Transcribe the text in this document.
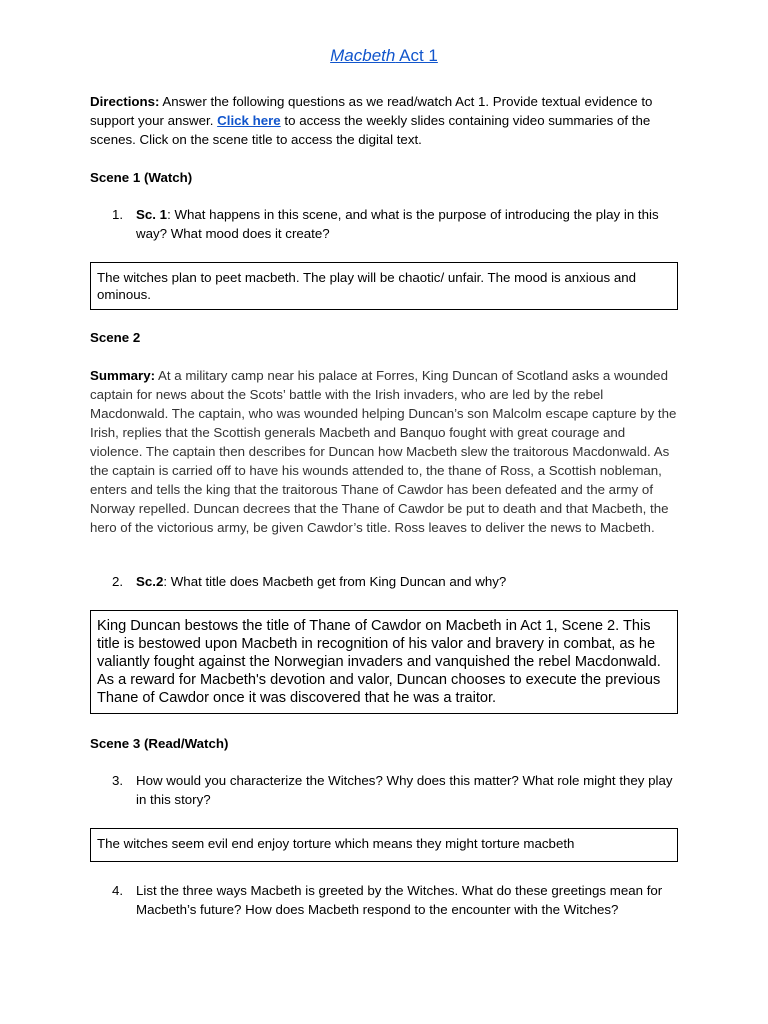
Macbeth Act 1
Directions: Answer the following questions as we read/watch Act 1. Provide textual evidence to support your answer. Click here to access the weekly slides containing video summaries of the scenes. Click on the scene title to access the digital text.
Scene 1 (Watch)
1. Sc. 1: What happens in this scene, and what is the purpose of introducing the play in this way? What mood does it create?
The witches plan to peet macbeth. The play will be chaotic/ unfair. The mood is anxious and ominous.
Scene 2
Summary: At a military camp near his palace at Forres, King Duncan of Scotland asks a wounded captain for news about the Scots’ battle with the Irish invaders, who are led by the rebel Macdonwald. The captain, who was wounded helping Duncan’s son Malcolm escape capture by the Irish, replies that the Scottish generals Macbeth and Banquo fought with great courage and violence. The captain then describes for Duncan how Macbeth slew the traitorous Macdonwald. As the captain is carried off to have his wounds attended to, the thane of Ross, a Scottish nobleman, enters and tells the king that the traitorous Thane of Cawdor has been defeated and the army of Norway repelled. Duncan decrees that the Thane of Cawdor be put to death and that Macbeth, the hero of the victorious army, be given Cawdor’s title. Ross leaves to deliver the news to Macbeth.
2. Sc.2: What title does Macbeth get from King Duncan and why?
King Duncan bestows the title of Thane of Cawdor on Macbeth in Act 1, Scene 2. This title is bestowed upon Macbeth in recognition of his valor and bravery in combat, as he valiantly fought against the Norwegian invaders and vanquished the rebel Macdonwald. As a reward for Macbeth's devotion and valor, Duncan chooses to execute the previous Thane of Cawdor once it was discovered that he was a traitor.
Scene 3 (Read/Watch)
3. How would you characterize the Witches? Why does this matter? What role might they play in this story?
The witches seem evil end enjoy torture which means they might torture macbeth
4. List the three ways Macbeth is greeted by the Witches. What do these greetings mean for Macbeth’s future? How does Macbeth respond to the encounter with the Witches?
